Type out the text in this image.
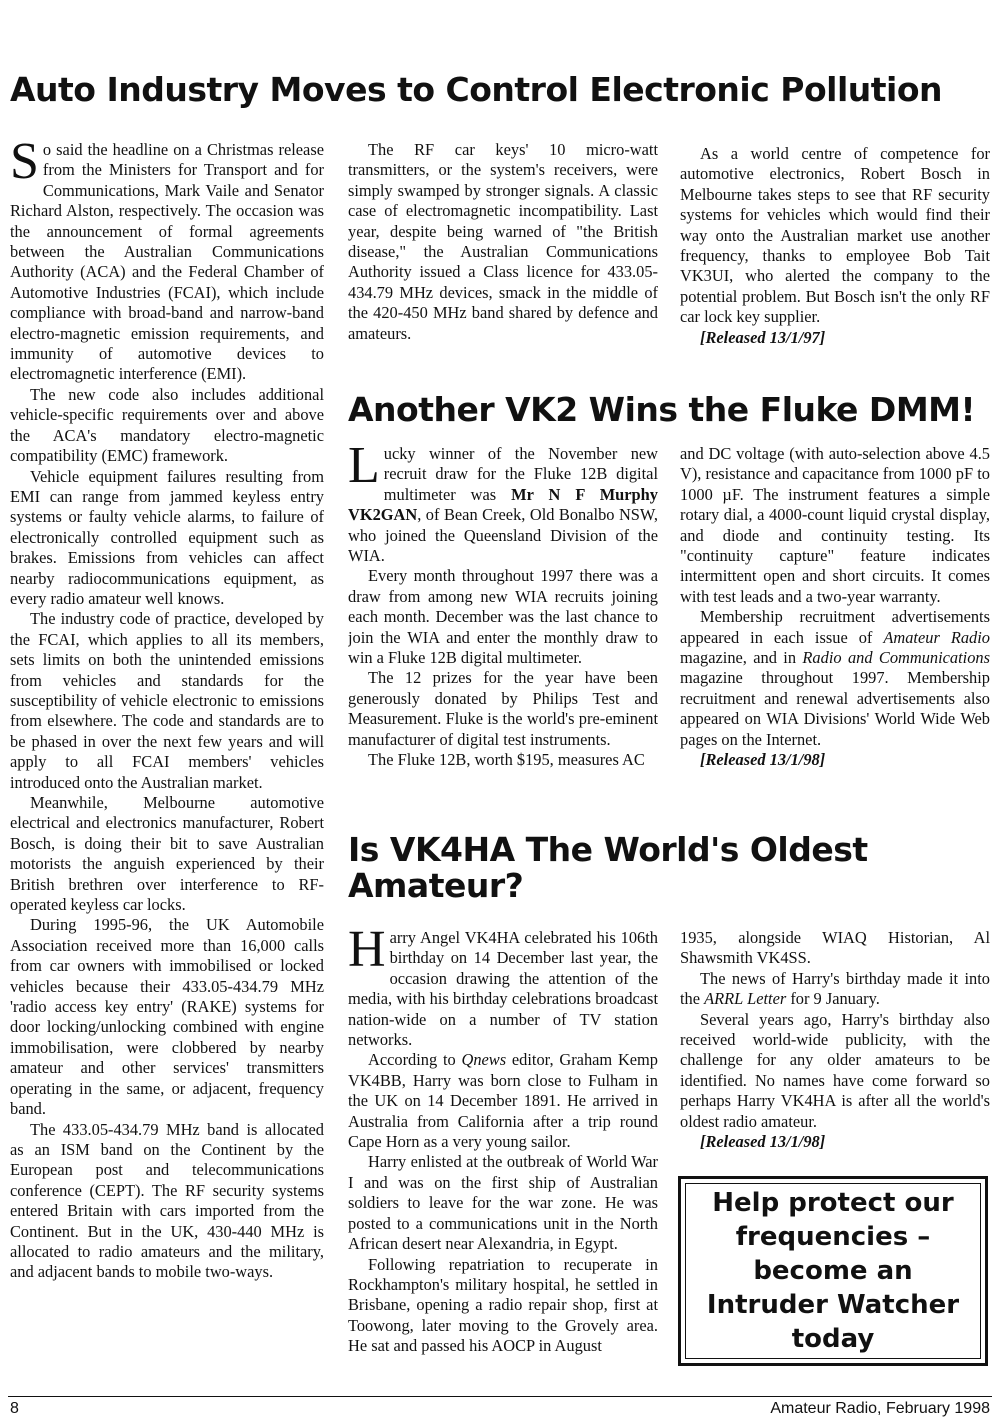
Auto Industry Moves to Control Electronic Pollution

So said the headline on a Christmas release from the Ministers for Transport and for Communications, Mark Vaile and Senator Richard Alston, respectively. The occasion was the announcement of formal agreements between the Australian Communications Authority (ACA) and the Federal Chamber of Automotive Industries (FCAI), which include compliance with broad-band and narrow-band electro-magnetic emission requirements, and immunity of automotive devices to electromagnetic interference (EMI).

The new code also includes additional vehicle-specific requirements over and above the ACA's mandatory electro-magnetic compatibility (EMC) framework.

Vehicle equipment failures resulting from EMI can range from jammed keyless entry systems or faulty vehicle alarms, to failure of electronically controlled equipment such as brakes. Emissions from vehicles can affect nearby radiocommunications equipment, as every radio amateur well knows.

The industry code of practice, developed by the FCAI, which applies to all its members, sets limits on both the unintended emissions from vehicles and standards for the susceptibility of vehicle electronic to emissions from elsewhere. The code and standards are to be phased in over the next few years and will apply to all FCAI members' vehicles introduced onto the Australian market.

Meanwhile, Melbourne automotive electrical and electronics manufacturer, Robert Bosch, is doing their bit to save Australian motorists the anguish experienced by their British brethren over interference to RF-operated keyless car locks.

During 1995-96, the UK Automobile Association received more than 16,000 calls from car owners with immobilised or locked vehicles because their 433.05-434.79 MHz 'radio access key entry' (RAKE) systems for door locking/unlocking combined with engine immobilisation, were clobbered by nearby amateur and other services' transmitters operating in the same, or adjacent, frequency band.

The 433.05-434.79 MHz band is allocated as an ISM band on the Continent by the European post and telecommunications conference (CEPT). The RF security systems entered Britain with cars imported from the Continent. But in the UK, 430-440 MHz is allocated to radio amateurs and the military, and adjacent bands to mobile two-ways.

The RF car keys' 10 micro-watt transmitters, or the system's receivers, were simply swamped by stronger signals. A classic case of electromagnetic incompatibility. Last year, despite being warned of "the British disease," the Australian Communications Authority issued a Class licence for 433.05-434.79 MHz devices, smack in the middle of the 420-450 MHz band shared by defence and amateurs.

As a world centre of competence for automotive electronics, Robert Bosch in Melbourne takes steps to see that RF security systems for vehicles which would find their way onto the Australian market use another frequency, thanks to employee Bob Tait VK3UI, who alerted the company to the potential problem. But Bosch isn't the only RF car lock key supplier.

[Released 13/1/97]

Another VK2 Wins the Fluke DMM!

Lucky winner of the November new recruit draw for the Fluke 12B digital multimeter was Mr N F Murphy VK2GAN, of Bean Creek, Old Bonalbo NSW, who joined the Queensland Division of the WIA.

Every month throughout 1997 there was a draw from among new WIA recruits joining each month. December was the last chance to join the WIA and enter the monthly draw to win a Fluke 12B digital multimeter.

The 12 prizes for the year have been generously donated by Philips Test and Measurement. Fluke is the world's pre-eminent manufacturer of digital test instruments.

The Fluke 12B, worth $195, measures AC

and DC voltage (with auto-selection above 4.5 V), resistance and capacitance from 1000 pF to 1000 µF. The instrument features a simple rotary dial, a 4000-count liquid crystal display, and diode and continuity testing. Its "continuity capture" feature indicates intermittent open and short circuits. It comes with test leads and a two-year warranty.

Membership recruitment advertisements appeared in each issue of Amateur Radio magazine, and in Radio and Communications magazine throughout 1997. Membership recruitment and renewal advertisements also appeared on WIA Divisions' World Wide Web pages on the Internet.

[Released 13/1/98]

Is VK4HA The World's Oldest Amateur?

Harry Angel VK4HA celebrated his 106th birthday on 14 December last year, the occasion drawing the attention of the media, with his birthday celebrations broadcast nation-wide on a number of TV station networks.

According to Qnews editor, Graham Kemp VK4BB, Harry was born close to Fulham in the UK on 14 December 1891. He arrived in Australia from California after a trip round Cape Horn as a very young sailor.

Harry enlisted at the outbreak of World War I and was on the first ship of Australian soldiers to leave for the war zone. He was posted to a communications unit in the North African desert near Alexandria, in Egypt.

Following repatriation to recuperate in Rockhampton's military hospital, he settled in Brisbane, opening a radio repair shop, first at Toowong, later moving to the Grovely area. He sat and passed his AOCP in August

1935, alongside WIAQ Historian, Al Shawsmith VK4SS.

The news of Harry's birthday made it into the ARRL Letter for 9 January.

Several years ago, Harry's birthday also received world-wide publicity, with the challenge for any older amateurs to be identified. No names have come forward so perhaps Harry VK4HA is after all the world's oldest radio amateur.

[Released 13/1/98]

Help protect our
frequencies –
become an
Intruder Watcher
today
8	Amateur Radio, February 1998
